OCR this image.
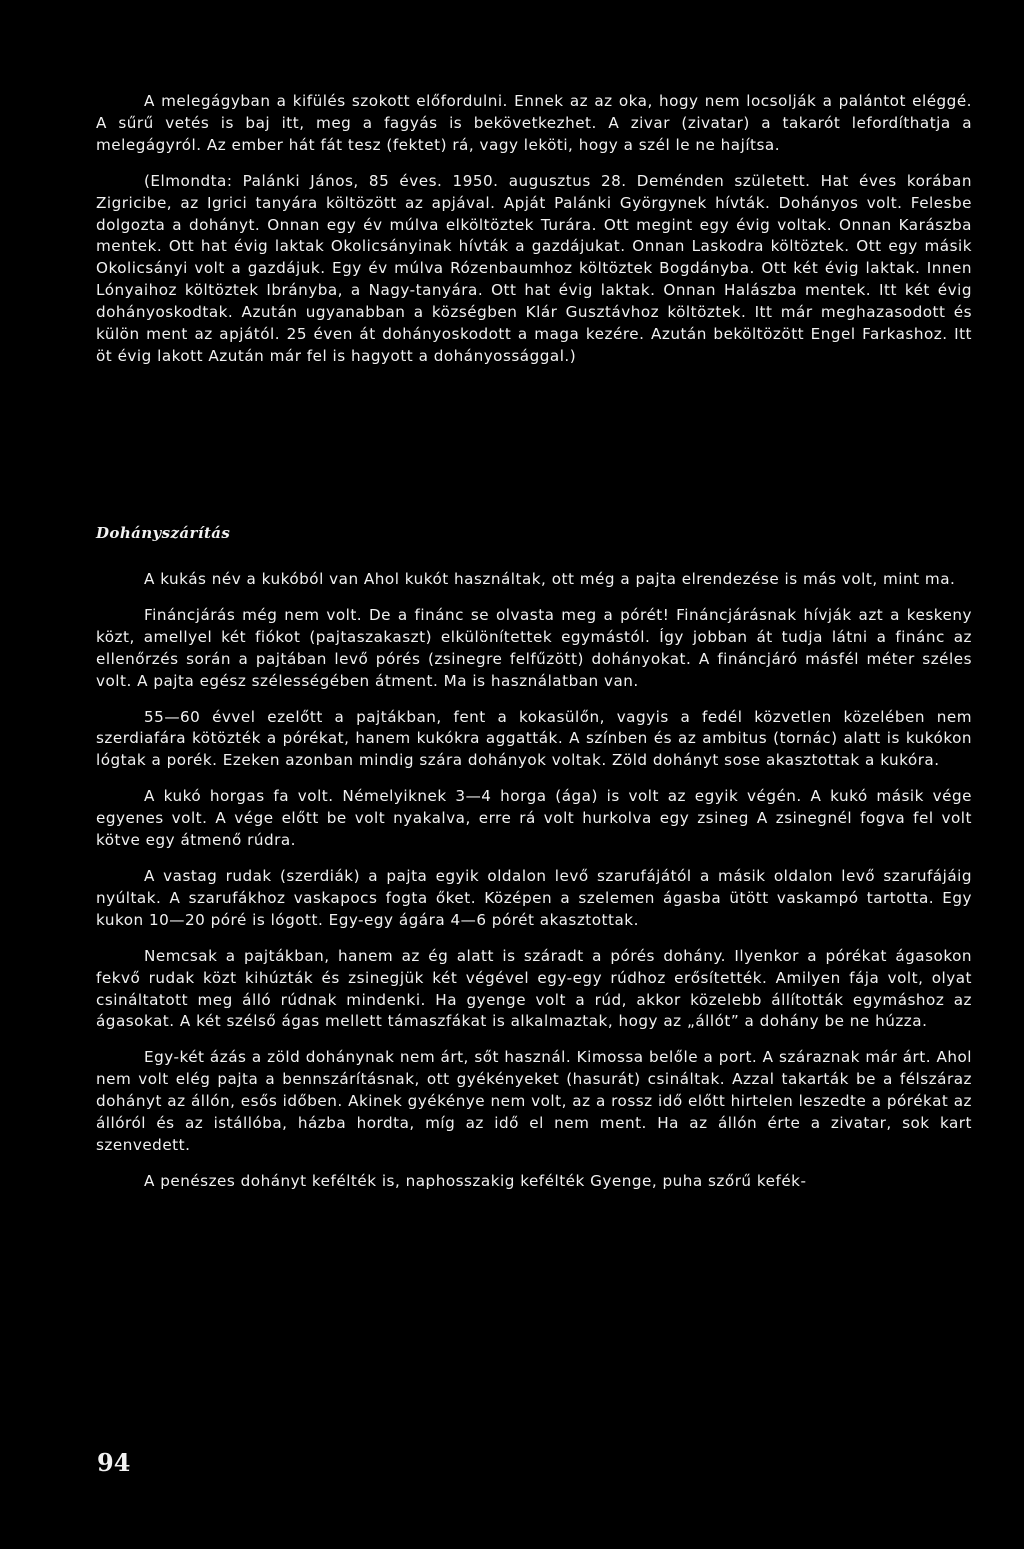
A melegágyban a kifülés szokott előfordulni. Ennek az az oka, hogy nem locsolják a palántot eléggé. A sűrű vetés is baj itt, meg a fagyás is bekövetkezhet. A zivar (zivatar) a takarót lefordíthatja a melegágyról. Az ember hát fát tesz (fektet) rá, vagy leköti, hogy a szél le ne hajítsa.

(Elmondta: Palánki János, 85 éves. 1950. augusztus 28. Deménden született. Hat éves korában Zigricibe, az Igrici tanyára költözött az apjával. Apját Palánki Györgynek hívták. Dohányos volt. Felesbe dolgozta a dohányt. Onnan egy év múlva elköltöztek Turára. Ott megint egy évig voltak. Onnan Karászba mentek. Ott hat évig laktak Okolicsányinak hívták a gazdájukat. Onnan Laskodra költöztek. Ott egy másik Okolicsányi volt a gazdájuk. Egy év múlva Rózenbaumhoz költöztek Bogdányba. Ott két évig laktak. Innen Lónyaihoz költöztek Ibrányba, a Nagy-tanyára. Ott hat évig laktak. Onnan Halászba mentek. Itt két évig dohányoskodtak. Azután ugyanabban a községben Klár Gusztávhoz költöztek. Itt már meghazasodott és külön ment az apjától. 25 éven át dohányoskodott a maga kezére. Azután beköltözött Engel Farkashoz. Itt öt évig lakott Azután már fel is hagyott a dohányossággal.)

Dohányszárítás

A kukás név a kukóból van Ahol kukót használtak, ott még a pajta elrendezése is más volt, mint ma.

Fináncjárás még nem volt. De a finánc se olvasta meg a pórét! Fináncjárásnak hívják azt a keskeny közt, amellyel két fiókot (pajtaszakaszt) elkülönítettek egymástól. Így jobban át tudja látni a finánc az ellenőrzés során a pajtában levő pórés (zsinegre felfűzött) dohányokat. A fináncjáró másfél méter széles volt. A pajta egész szélességében átment. Ma is használatban van.

55—60 évvel ezelőtt a pajtákban, fent a kokasülőn, vagyis a fedél közvetlen közelében nem szerdiafára kötözték a pórékat, hanem kukókra aggatták. A színben és az ambitus (tornác) alatt is kukókon lógtak a porék. Ezeken azonban mindig szára dohányok voltak. Zöld dohányt sose akasztottak a kukóra.

A kukó horgas fa volt. Némelyiknek 3—4 horga (ága) is volt az egyik végén. A kukó másik vége egyenes volt. A vége előtt be volt nyakalva, erre rá volt hurkolva egy zsineg A zsinegnél fogva fel volt kötve egy átmenő rúdra.

A vastag rudak (szerdiák) a pajta egyik oldalon levő szarufájától a másik oldalon levő szarufájáig nyúltak. A szarufákhoz vaskapocs fogta őket. Középen a szelemen ágasba ütött vaskampó tartotta. Egy kukon 10—20 póré is lógott. Egy-egy ágára 4—6 pórét akasztottak.

Nemcsak a pajtákban, hanem az ég alatt is száradt a pórés dohány. Ilyenkor a pórékat ágasokon fekvő rudak közt kihúzták és zsinegjük két végével egy-egy rúdhoz erősítették. Amilyen fája volt, olyat csináltatott meg álló rúdnak mindenki. Ha gyenge volt a rúd, akkor közelebb állították egymáshoz az ágasokat. A két szélső ágas mellett támaszfákat is alkalmaztak, hogy az „állót” a dohány be ne húzza.

Egy-két ázás a zöld dohánynak nem árt, sőt használ. Kimossa belőle a port. A száraznak már árt. Ahol nem volt elég pajta a bennszárításnak, ott gyékényeket (hasurát) csináltak. Azzal takarták be a félszáraz dohányt az állón, esős időben. Akinek gyékénye nem volt, az a rossz idő előtt hirtelen leszedte a pórékat az állóról és az istállóba, házba hordta, míg az idő el nem ment. Ha az állón érte a zivatar, sok kart szenvedett.

A penészes dohányt kefélték is, naphosszakig kefélték Gyenge, puha szőrű kefék-

94
